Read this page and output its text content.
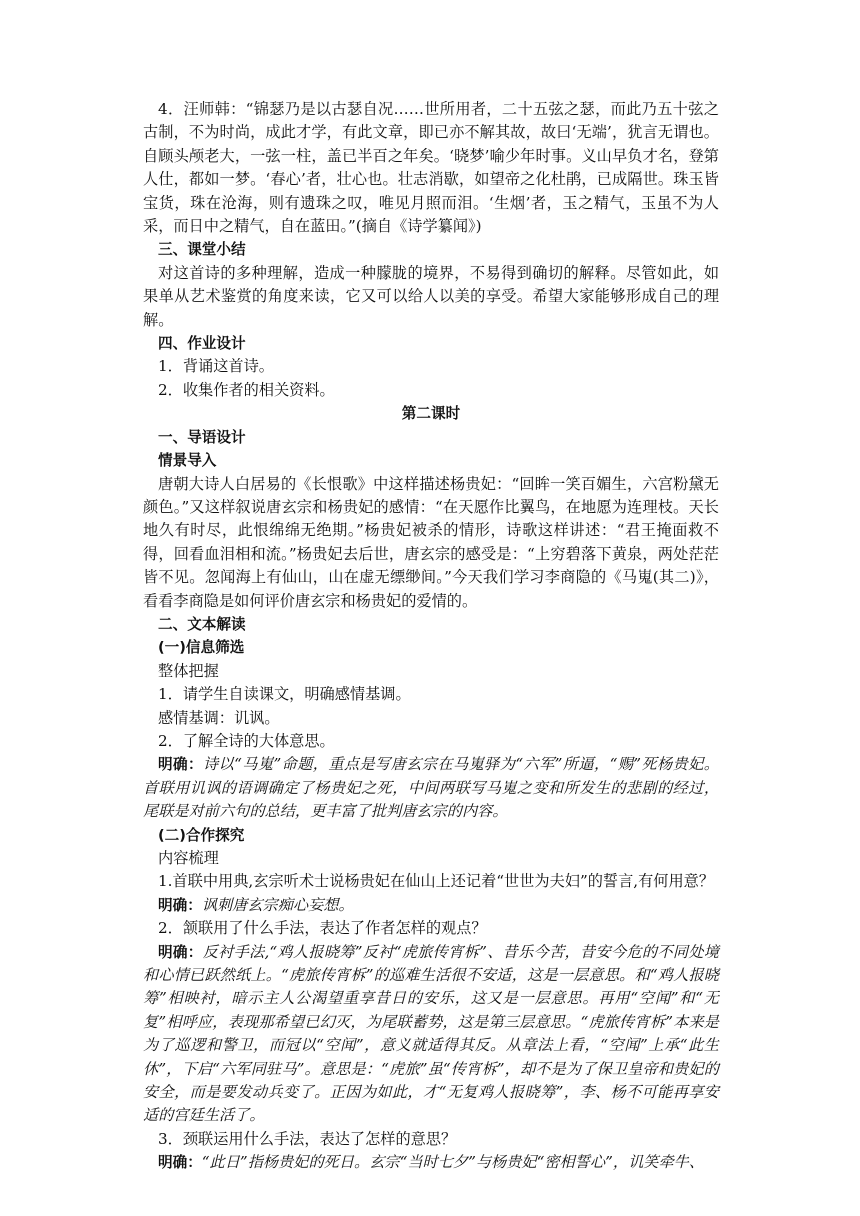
4．汪师韩：“锦瑟乃是以古瑟自况……世所用者，二十五弦之瑟，而此乃五十弦之古制，不为时尚，成此才学，有此文章，即已亦不解其故，故曰‘无端’，犹言无谓也。自顾头颅老大，一弦一柱，盖已半百之年矣。‘晓梦’喻少年时事。义山早负才名，登第人仕，都如一梦。‘春心’者，壮心也。壮志消歇，如望帝之化杜鹃，已成隔世。珠玉皆宝货，珠在沧海，则有遗珠之叹，唯见月照而泪。‘生烟’者，玉之精气，玉虽不为人采，而日中之精气，自在蓝田。”(摘自《诗学纂闻》)

三、课堂小结

对这首诗的多种理解，造成一种朦胧的境界，不易得到确切的解释。尽管如此，如果单从艺术鉴赏的角度来读，它又可以给人以美的享受。希望大家能够形成自己的理解。

四、作业设计

1．背诵这首诗。

2．收集作者的相关资料。

第二课时

一、导语设计

情景导入

唐朝大诗人白居易的《长恨歌》中这样描述杨贵妃：“回眸一笑百媚生，六宫粉黛无颜色。”又这样叙说唐玄宗和杨贵妃的感情：“在天愿作比翼鸟，在地愿为连理枝。天长地久有时尽，此恨绵绵无绝期。”杨贵妃被杀的情形，诗歌这样讲述：“君王掩面救不得，回看血泪相和流。”杨贵妃去后世，唐玄宗的感受是：“上穷碧落下黄泉，两处茫茫皆不见。忽闻海上有仙山，山在虚无缥缈间。”今天我们学习李商隐的《马嵬(其二)》，看看李商隐是如何评价唐玄宗和杨贵妃的爱情的。

二、文本解读

(一)信息筛选

整体把握

1．请学生自读课文，明确感情基调。

感情基调：讥讽。

2．了解全诗的大体意思。

明确：诗以“马嵬”命题，重点是写唐玄宗在马嵬驿为“六军”所逼，“赐”死杨贵妃。首联用讥讽的语调确定了杨贵妃之死，中间两联写马嵬之变和所发生的悲剧的经过，尾联是对前六句的总结，更丰富了批判唐玄宗的内容。

(二)合作探究

内容梳理

1.首联中用典,玄宗听术士说杨贵妃在仙山上还记着“世世为夫妇”的誓言,有何用意？

明确：讽刺唐玄宗痴心妄想。

2．颔联用了什么手法，表达了作者怎样的观点？

明确：反衬手法,“鸡人报晓筹”反衬“虎旅传宵柝”、昔乐今苦，昔安今危的不同处境和心情已跃然纸上。“虎旅传宵柝”的巡难生活很不安适，这是一层意思。和“鸡人报晓筹”相映衬，暗示主人公渴望重享昔日的安乐，这又是一层意思。再用“空闻”和“无复”相呼应，表现那希望已幻灭，为尾联蓄势，这是第三层意思。“虎旅传宵柝”本来是为了巡逻和警卫，而冠以“空闻”，意义就适得其反。从章法上看，“空闻”上承“此生休”，下启“六军同驻马”。意思是：“虎旅”虽“传宵柝”，却不是为了保卫皇帝和贵妃的安全，而是要发动兵变了。正因为如此，才“无复鸡人报晓筹”，李、杨不可能再享安适的宫廷生活了。

3．颈联运用什么手法，表达了怎样的意思？

明确：“此日”指杨贵妃的死日。玄宗“当时七夕”与杨贵妃“密相誓心”，讥笑牵牛、
